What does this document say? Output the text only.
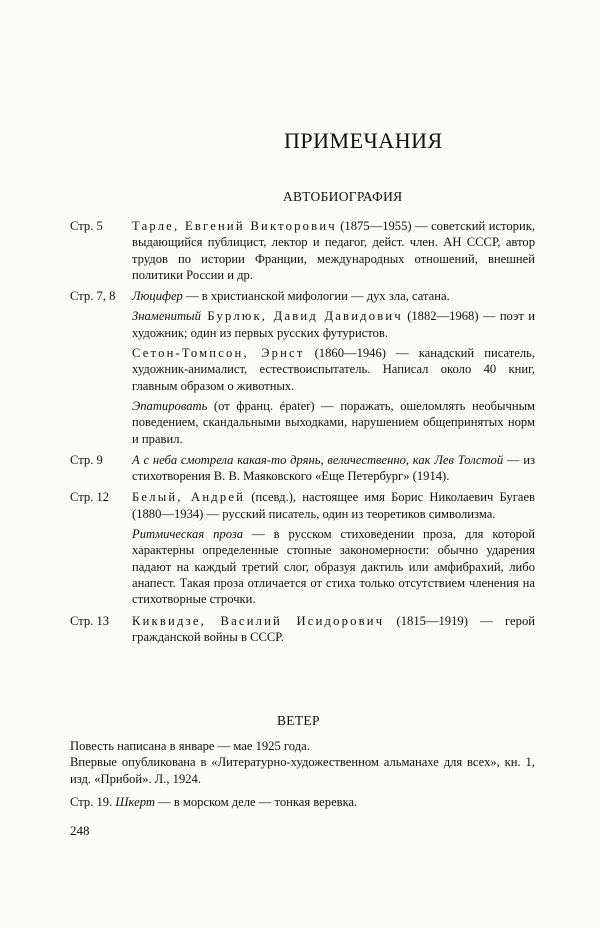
ПРИМЕЧАНИЯ
АВТОБИОГРАФИЯ
Стр. 5	Тарле, Евгений Викторович (1875—1955) — советский историк, выдающийся публицист, лектор и педагог, дейст. член. АН СССР, автор трудов по истории Франции, международных отношений, внешней политики России и др.

Стр. 7, 8	Люцифер — в христианской мифологии — дух зла, сатана.

Знаменитый Бурлюк, Давид Давидович (1882—1968) — поэт и художник; один из первых русских футуристов.

Сетон-Томпсон, Эрнст (1860—1946) — канадский писатель, художник-анималист, естествоиспытатель. Написал около 40 книг, главным образом о животных.

Эпатировать (от франц. épater) — поражать, ошеломлять необычным поведением, скандальными выходками, нарушением общепринятых норм и правил.

Стр. 9	А с неба смотрела какая-то дрянь, величественно, как Лев Толстой — из стихотворения В. В. Маяковского «Еще Петербург» (1914).

Стр. 12	Белый, Андрей (псевд.), настоящее имя Борис Николаевич Бугаев (1880—1934) — русский писатель, один из теоретиков символизма.

Ритмическая проза — в русском стиховедении проза, для которой характерны определенные стопные закономерности: обычно ударения падают на каждый третий слог, образуя дактиль или амфибрахий, либо анапест. Такая проза отличается от стиха только отсутствием членения на стихотворные строчки.

Стр. 13	Киквидзе, Василий Исидорович (1815—1919) — герой гражданской войны в СССР.

ВЕТЕР

Повесть написана в январе — мае 1925 года.

Впервые опубликована в «Литературно-художественном альманахе для всех», кн. 1, изд. «Прибой». Л., 1924.

Стр. 19. Шкерт — в морском деле — тонкая веревка.

248
